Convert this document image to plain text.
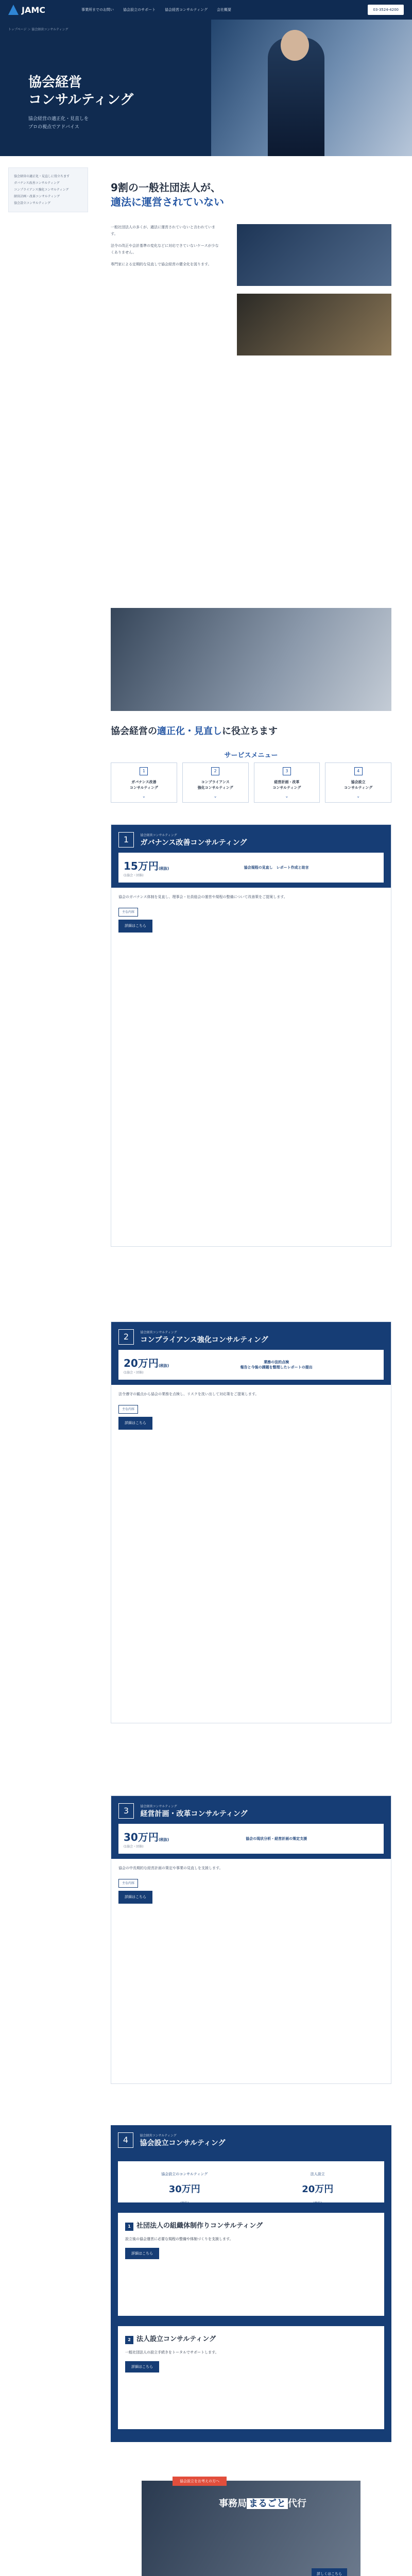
JAMC	事業所までのお問い	協会設立のサポート	協会経営コンサルティング	会社概要	03-3524-4200
トップページ ＞ 協会経営コンサルティング
協会経営
コンサルティング
協会経営の適正化・見直しを
プロの視点でアドバイス
協会経営の適正化・見直しに役立ちます
ガバナンス改善コンサルティング
コンプライアンス強化コンサルティング
経営計画・改革コンサルティング
協会設立コンサルティング
9割の一般社団法人が、
適法に運営されていない

一般社団法人の多くが、適法に運営されていないと言われています。

法令の改正や会計基準の変化などに対応できていないケースが少なくありません。

専門家による定期的な見直しで協会経営の健全化を図ります。

協会経営の適正化・見直しに役立ちます
サービスメニュー
1
ガバナンス改善
コンサルティング
⌄
2
コンプライアンス
強化コンサルティング
⌄
3
経営計画・改革
コンサルティング
⌄
4
協会設立
コンサルティング
⌄
1	協会経営コンサルティング
ガバナンス改善コンサルティング
15万円(税抜)
(1協会・団体)
協会規程の見直し　レポート作成と助言

協会のガバナンス体制を見直し、理事会・社員総会の運営や規程の整備について改善策をご提案します。

主な内容

詳細はこちら

2	協会経営コンサルティング
コンプライアンス強化コンサルティング
20万円(税抜)
(1協会・団体)
業務の法的点検
報告と今後の課題を整理したレポートの提出

法令遵守の観点から協会の業務を点検し、リスクを洗い出して対応策をご提案します。

主な内容

詳細はこちら

3	協会経営コンサルティング
経営計画・改革コンサルティング
30万円(税抜)
(1協会・団体)
協会の現状分析・経営計画の策定支援

協会の中長期的な経営計画の策定や事業の見直しを支援します。

主な内容

詳細はこちら

4	協会経営コンサルティング
協会設立コンサルティング
協会設立のコンサルティング
30万円
(税抜)
法人設立
20万円
(税抜)
1 社団法人の組織体制作りコンサルティング

設立後の協会運営に必要な規程の整備や体制づくりを支援します。

詳細はこちら
2 法人設立コンサルティング

一般社団法人の設立手続きをトータルでサポートします。

詳細はこちら
協会設立をお考えの方へ
事務局 まるごと 代行
詳しくはこちら
